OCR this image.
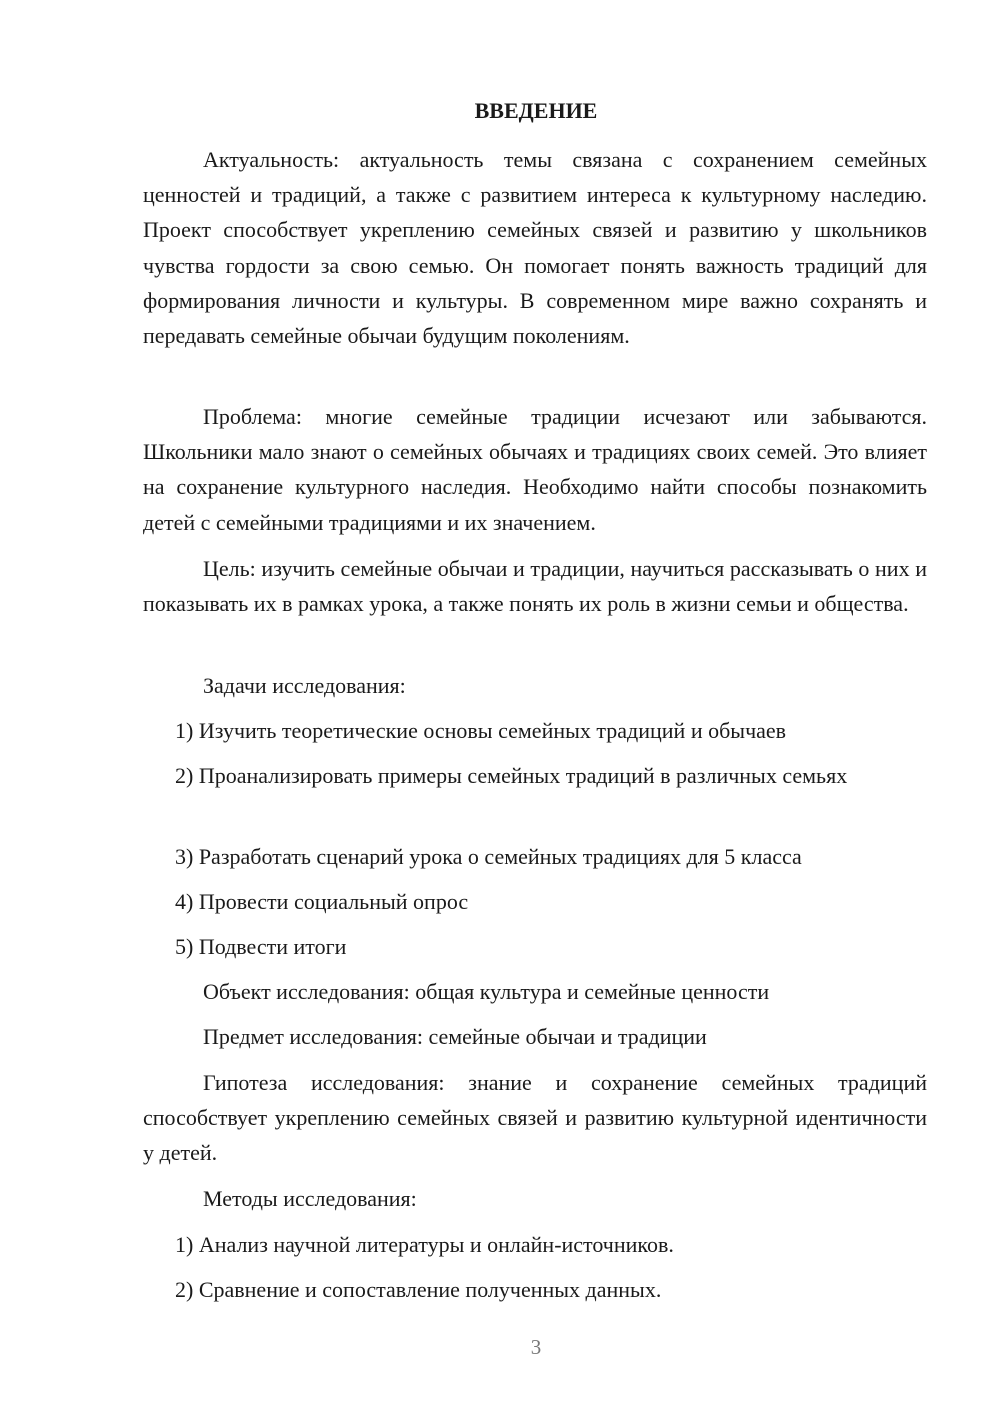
ВВЕДЕНИЕ

Актуальность: актуальность темы связана с сохранением семейных ценностей и традиций, а также с развитием интереса к культурному наследию. Проект способствует укреплению семейных связей и развитию у школьников чувства гордости за свою семью. Он помогает понять важность традиций для формирования личности и культуры. В современном мире важно сохранять и передавать семейные обычаи будущим поколениям.

Проблема: многие семейные традиции исчезают или забываются. Школьники мало знают о семейных обычаях и традициях своих семей. Это влияет на сохранение культурного наследия. Необходимо найти способы познакомить детей с семейными традициями и их значением.

Цель: изучить семейные обычаи и традиции, научиться рассказывать о них и показывать их в рамках урока, а также понять их роль в жизни семьи и общества.

Задачи исследования:

1) Изучить теоретические основы семейных традиций и обычаев

2) Проанализировать примеры семейных традиций в различных семьях

3) Разработать сценарий урока о семейных традициях для 5 класса

4) Провести социальный опрос

5) Подвести итоги

Объект исследования: общая культура и семейные ценности

Предмет исследования: семейные обычаи и традиции

Гипотеза исследования: знание и сохранение семейных традиций способствует укреплению семейных связей и развитию культурной идентичности у детей.

Методы исследования:

1) Анализ научной литературы и онлайн-источников.

2) Сравнение и сопоставление полученных данных.

3
